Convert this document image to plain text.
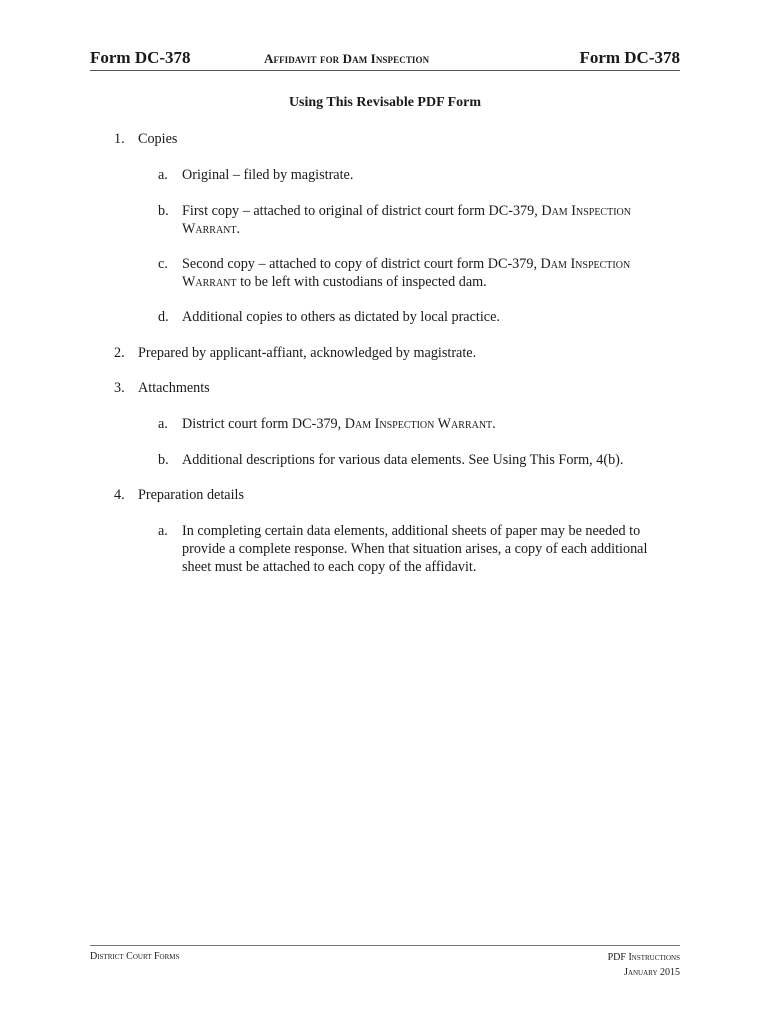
Form DC-378	Affidavit for Dam Inspection	Form DC-378
Using This Revisable PDF Form
1. Copies
a. Original – filed by magistrate.
b. First copy – attached to original of district court form DC-379, Dam Inspection Warrant.
c. Second copy – attached to copy of district court form DC-379, Dam Inspection Warrant to be left with custodians of inspected dam.
d. Additional copies to others as dictated by local practice.
2. Prepared by applicant-affiant, acknowledged by magistrate.
3. Attachments
a. District court form DC-379, Dam Inspection Warrant.
b. Additional descriptions for various data elements. See Using This Form, 4(b).
4. Preparation details
a. In completing certain data elements, additional sheets of paper may be needed to provide a complete response. When that situation arises, a copy of each additional sheet must be attached to each copy of the affidavit.
District Court Forms	PDF Instructions
January 2015
